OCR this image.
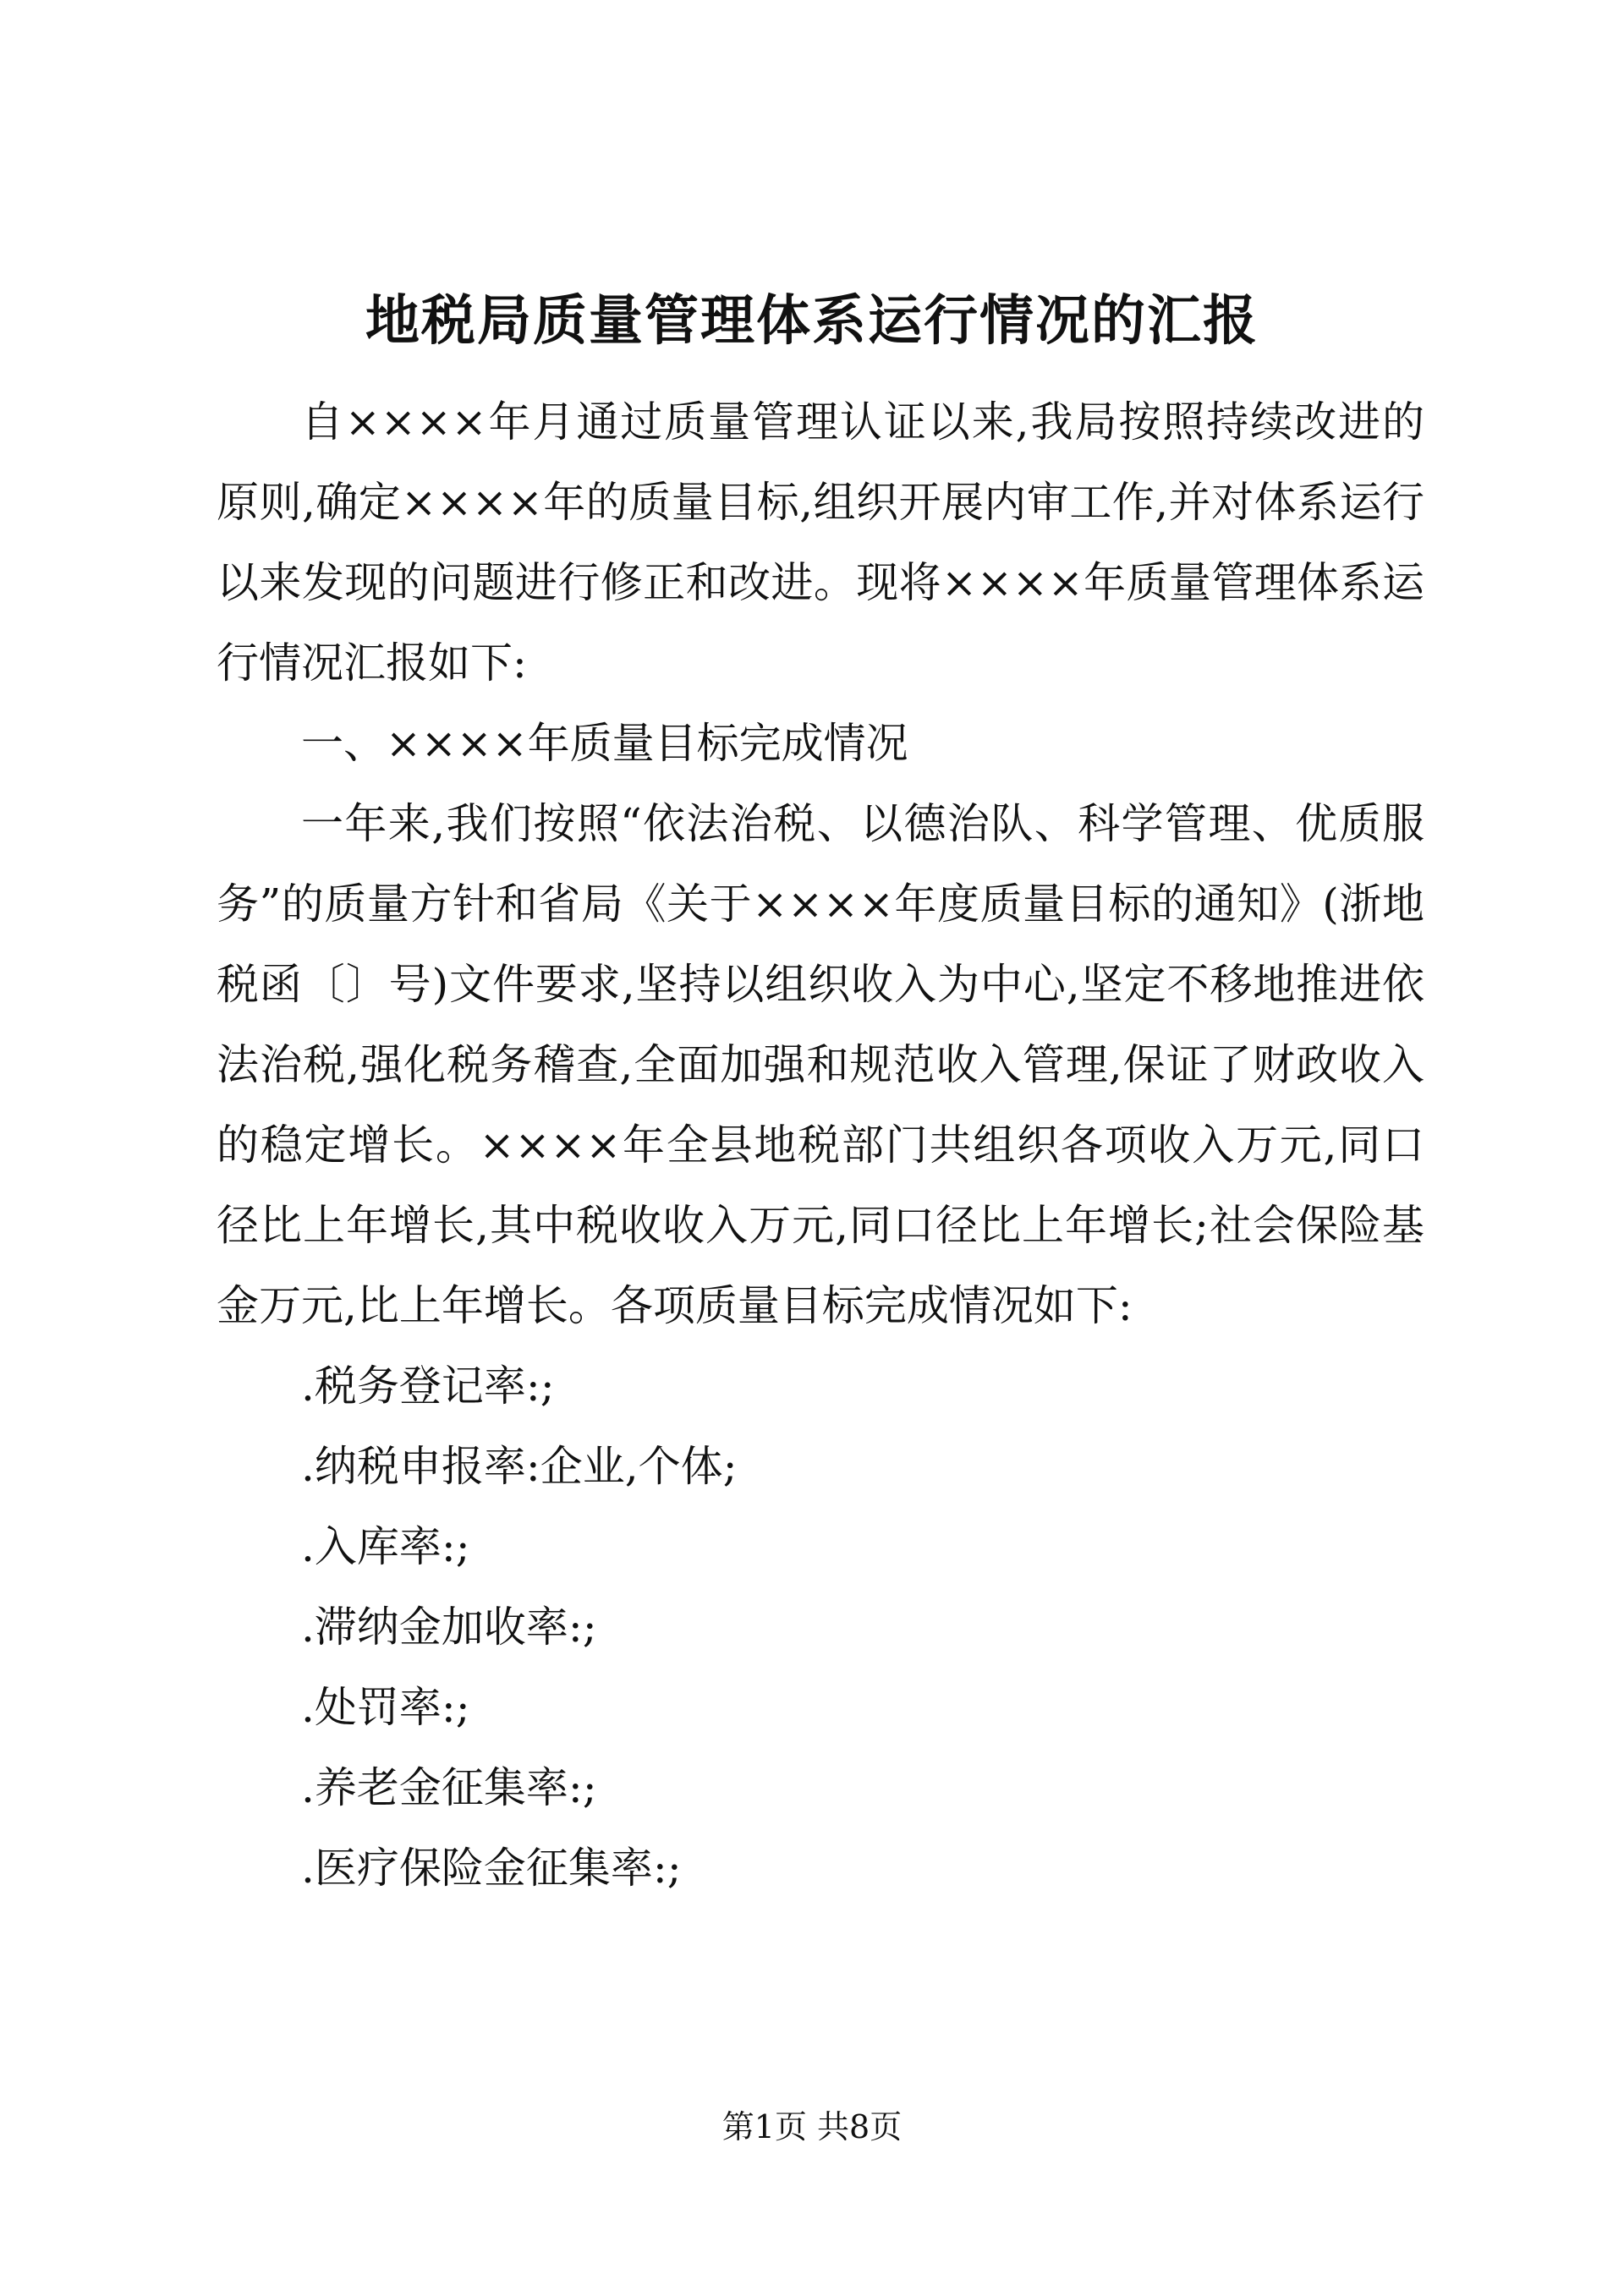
地税局质量管理体系运行情况的汇报

自××××年月通过质量管理认证以来,我局按照持续改进的原则,确定××××年的质量目标,组织开展内审工作,并对体系运行以来发现的问题进行修正和改进。现将××××年质量管理体系运行情况汇报如下:

一、××××年质量目标完成情况

一年来,我们按照“依法治税、以德治队、科学管理、优质服务”的质量方针和省局《关于××××年度质量目标的通知》(浙地税函〔〕号)文件要求,坚持以组织收入为中心,坚定不移地推进依法治税,强化税务稽查,全面加强和规范收入管理,保证了财政收入的稳定增长。××××年全县地税部门共组织各项收入万元,同口径比上年增长,其中税收收入万元,同口径比上年增长;社会保险基金万元,比上年增长。各项质量目标完成情况如下:

.税务登记率:;

.纳税申报率:企业,个体;

.入库率:;

.滞纳金加收率:;

.处罚率:;

.养老金征集率:;

.医疗保险金征集率:;

第1页 共8页
